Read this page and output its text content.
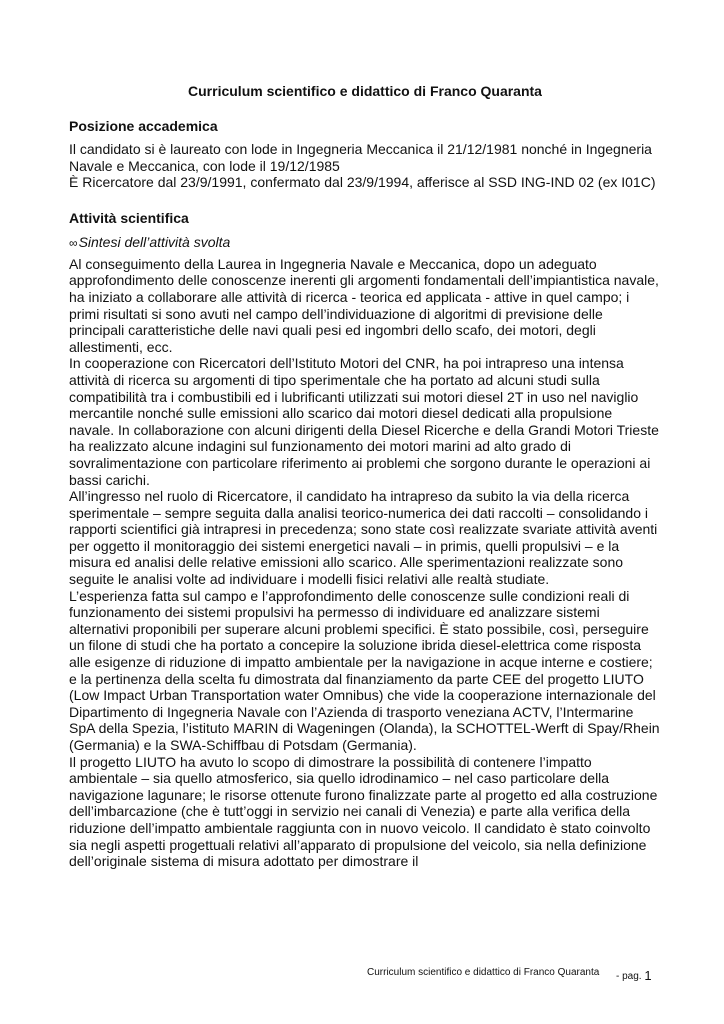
Curriculum scientifico e didattico di Franco Quaranta
Posizione accademica

Il candidato si è laureato con lode in Ingegneria Meccanica il 21/12/1981 nonché in Ingegneria Navale e Meccanica, con lode il 19/12/1985

È Ricercatore dal 23/9/1991, confermato dal 23/9/1994, afferisce al SSD ING-IND 02 (ex I01C)

Attività scientifica
∞Sintesi dell’attività svolta

Al conseguimento della Laurea in Ingegneria Navale e Meccanica, dopo un adeguato approfondimento delle conoscenze inerenti gli argomenti fondamentali dell’impiantistica navale, ha iniziato a collaborare alle attività di ricerca - teorica ed applicata - attive in quel campo; i primi risultati si sono avuti nel campo dell’individuazione di algoritmi di previsione delle principali caratteristiche delle navi quali pesi ed ingombri dello scafo, dei motori, degli allestimenti, ecc.

In cooperazione con Ricercatori dell’Istituto Motori del CNR, ha poi intrapreso una intensa attività di ricerca su argomenti di tipo sperimentale che ha portato ad alcuni studi sulla compatibilità tra i combustibili ed i lubrificanti utilizzati sui motori diesel 2T in uso nel naviglio mercantile nonché sulle emissioni allo scarico dai motori diesel dedicati alla propulsione navale. In collaborazione con alcuni dirigenti della Diesel Ricerche e della Grandi Motori Trieste ha realizzato alcune indagini sul funzionamento dei motori marini ad alto grado di sovralimentazione con particolare riferimento ai problemi che sorgono durante le operazioni ai bassi carichi.

All’ingresso nel ruolo di Ricercatore, il candidato ha intrapreso da subito la via della ricerca sperimentale – sempre seguita dalla analisi teorico-numerica dei dati raccolti – consolidando i rapporti scientifici già intrapresi in precedenza; sono state così realizzate svariate attività aventi per oggetto il monitoraggio dei sistemi energetici navali – in primis, quelli propulsivi – e la misura ed analisi delle relative emissioni allo scarico. Alle sperimentazioni realizzate sono seguite le analisi volte ad individuare i modelli fisici relativi alle realtà studiate.

L’esperienza fatta sul campo e l’approfondimento delle conoscenze sulle condizioni reali di funzionamento dei sistemi propulsivi ha permesso di individuare ed analizzare sistemi alternativi proponibili per superare alcuni problemi specifici. È stato possibile, così, perseguire un filone di studi che ha portato a concepire la soluzione ibrida diesel-elettrica come risposta alle esigenze di riduzione di impatto ambientale per la navigazione in acque interne e costiere; e la pertinenza della scelta fu dimostrata dal finanziamento da parte CEE del progetto LIUTO (Low Impact Urban Transportation water Omnibus) che vide la cooperazione internazionale del Dipartimento di Ingegneria Navale con l’Azienda di trasporto veneziana ACTV, l’Intermarine SpA della Spezia, l’istituto MARIN di Wageningen (Olanda), la SCHOTTEL-Werft di Spay/Rhein (Germania) e la SWA-Schiffbau di Potsdam (Germania).

Il progetto LIUTO ha avuto lo scopo di dimostrare la possibilità di contenere l’impatto ambientale – sia quello atmosferico, sia quello idrodinamico – nel caso particolare della navigazione lagunare; le risorse ottenute furono finalizzate parte al progetto ed alla costruzione dell’imbarcazione (che è tutt’oggi in servizio nei canali di Venezia) e parte alla verifica della riduzione dell’impatto ambientale raggiunta con in nuovo veicolo. Il candidato è stato coinvolto sia negli aspetti progettuali relativi all’apparato di propulsione del veicolo, sia nella definizione dell’originale sistema di misura adottato per dimostrare il

Curriculum scientifico e didattico di Franco Quaranta - pag. 1
